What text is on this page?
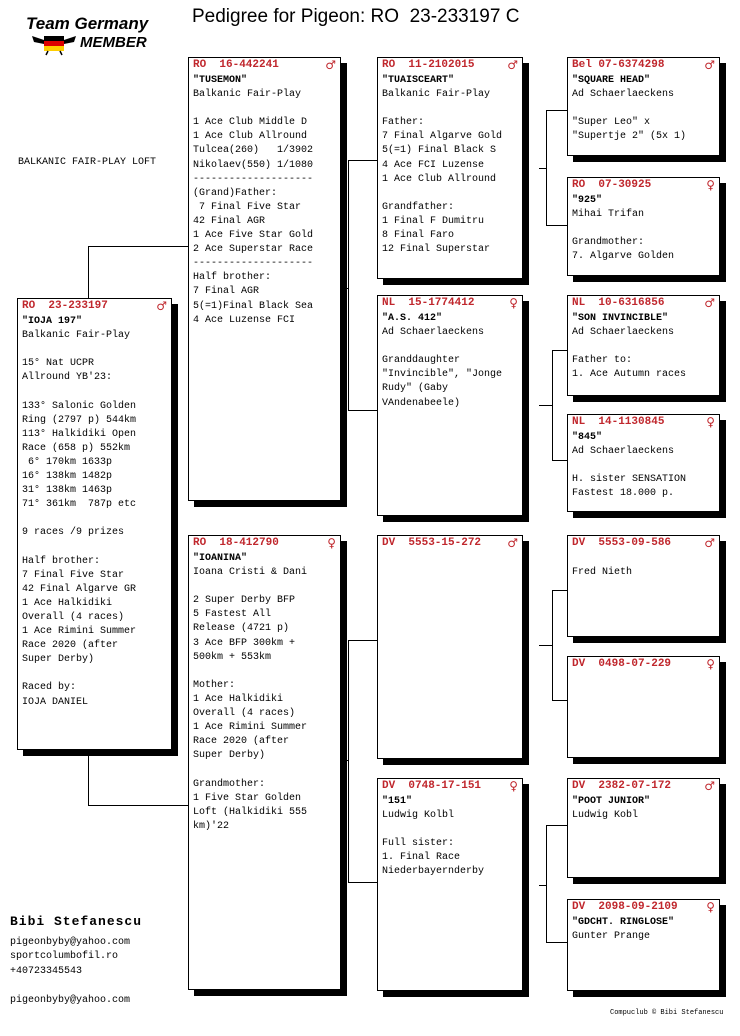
Team Germany
MEMBER
Pedigree for Pigeon: RO  23-233197 C
BALKANIC FAIR-PLAY LOFT
RO  23-233197	♂
"IOJA 197"
Balkanic Fair-Play

15° Nat UCPR
Allround YB'23:

133° Salonic Golden
Ring (2797 p) 544km
113° Halkidiki Open
Race (658 p) 552km
6° 170km 1633p
16° 138km 1482p
31° 138km 1463p
71° 361km  787p etc

9 races /9 prizes

Half brother:
7 Final Five Star
42 Final Algarve GR
1 Ace Halkidiki
Overall (4 races)
1 Ace Rimini Summer
Race 2020 (after
Super Derby)

Raced by:
IOJA DANIEL
RO  16-442241	♂
"TUSEMON"
Balkanic Fair-Play

1 Ace Club Middle D
1 Ace Club Allround
Tulcea(260)   1/3902
Nikolaev(550) 1/1080
--------------------
(Grand)Father:
7 Final Five Star
42 Final AGR
1 Ace Five Star Gold
2 Ace Superstar Race
--------------------
Half brother:
7 Final AGR
5(=1)Final Black Sea
4 Ace Luzense FCI
RO  18-412790	♀
"IOANINA"
Ioana Cristi & Dani

2 Super Derby BFP
5 Fastest All
Release (4721 p)
3 Ace BFP 300km +
500km + 553km

Mother:
1 Ace Halkidiki
Overall (4 races)
1 Ace Rimini Summer
Race 2020 (after
Super Derby)

Grandmother:
1 Five Star Golden
Loft (Halkidiki 555
km)'22
RO  11-2102015	♂
"TUAISCEART"
Balkanic Fair-Play

Father:
7 Final Algarve Gold
5(=1) Final Black S
4 Ace FCI Luzense
1 Ace Club Allround

Grandfather:
1 Final F Dumitru
8 Final Faro
12 Final Superstar
NL  15-1774412	♀
"A.S. 412"
Ad Schaerlaeckens

Granddaughter
"Invincible", "Jonge
Rudy" (Gaby
VAndenabeele)
DV  5553-15-272 ♂
DV  0748-17-151 ♀
"151"
Ludwig Kolbl

Full sister:
1. Final Race
Niederbayernderby
Bel 07-6374298	♂
"SQUARE HEAD"
Ad Schaerlaeckens

"Super Leo" x
"Supertje 2" (5x 1)
RO  07-30925	♀
"925"
Mihai Trifan

Grandmother:
7. Algarve Golden
NL  10-6316856	♂
"SON INVINCIBLE"
Ad Schaerlaeckens

Father to:
1. Ace Autumn races
NL  14-1130845	♀
"845"
Ad Schaerlaeckens

H. sister SENSATION
Fastest 18.000 p.
DV  5553-09-586	♂

Fred Nieth
DV  0498-07-229	♀
DV  2382-07-172	♂
"POOT JUNIOR"
Ludwig Kobl
DV  2098-09-2109 ♀
"GDCHT. RINGLOSE"
Gunter Prange
Bibi Stefanescu
pigeonbyby@yahoo.com
sportcolumbofil.ro
+40723345543
pigeonbyby@yahoo.com
Compuclub © Bibi Stefanescu
